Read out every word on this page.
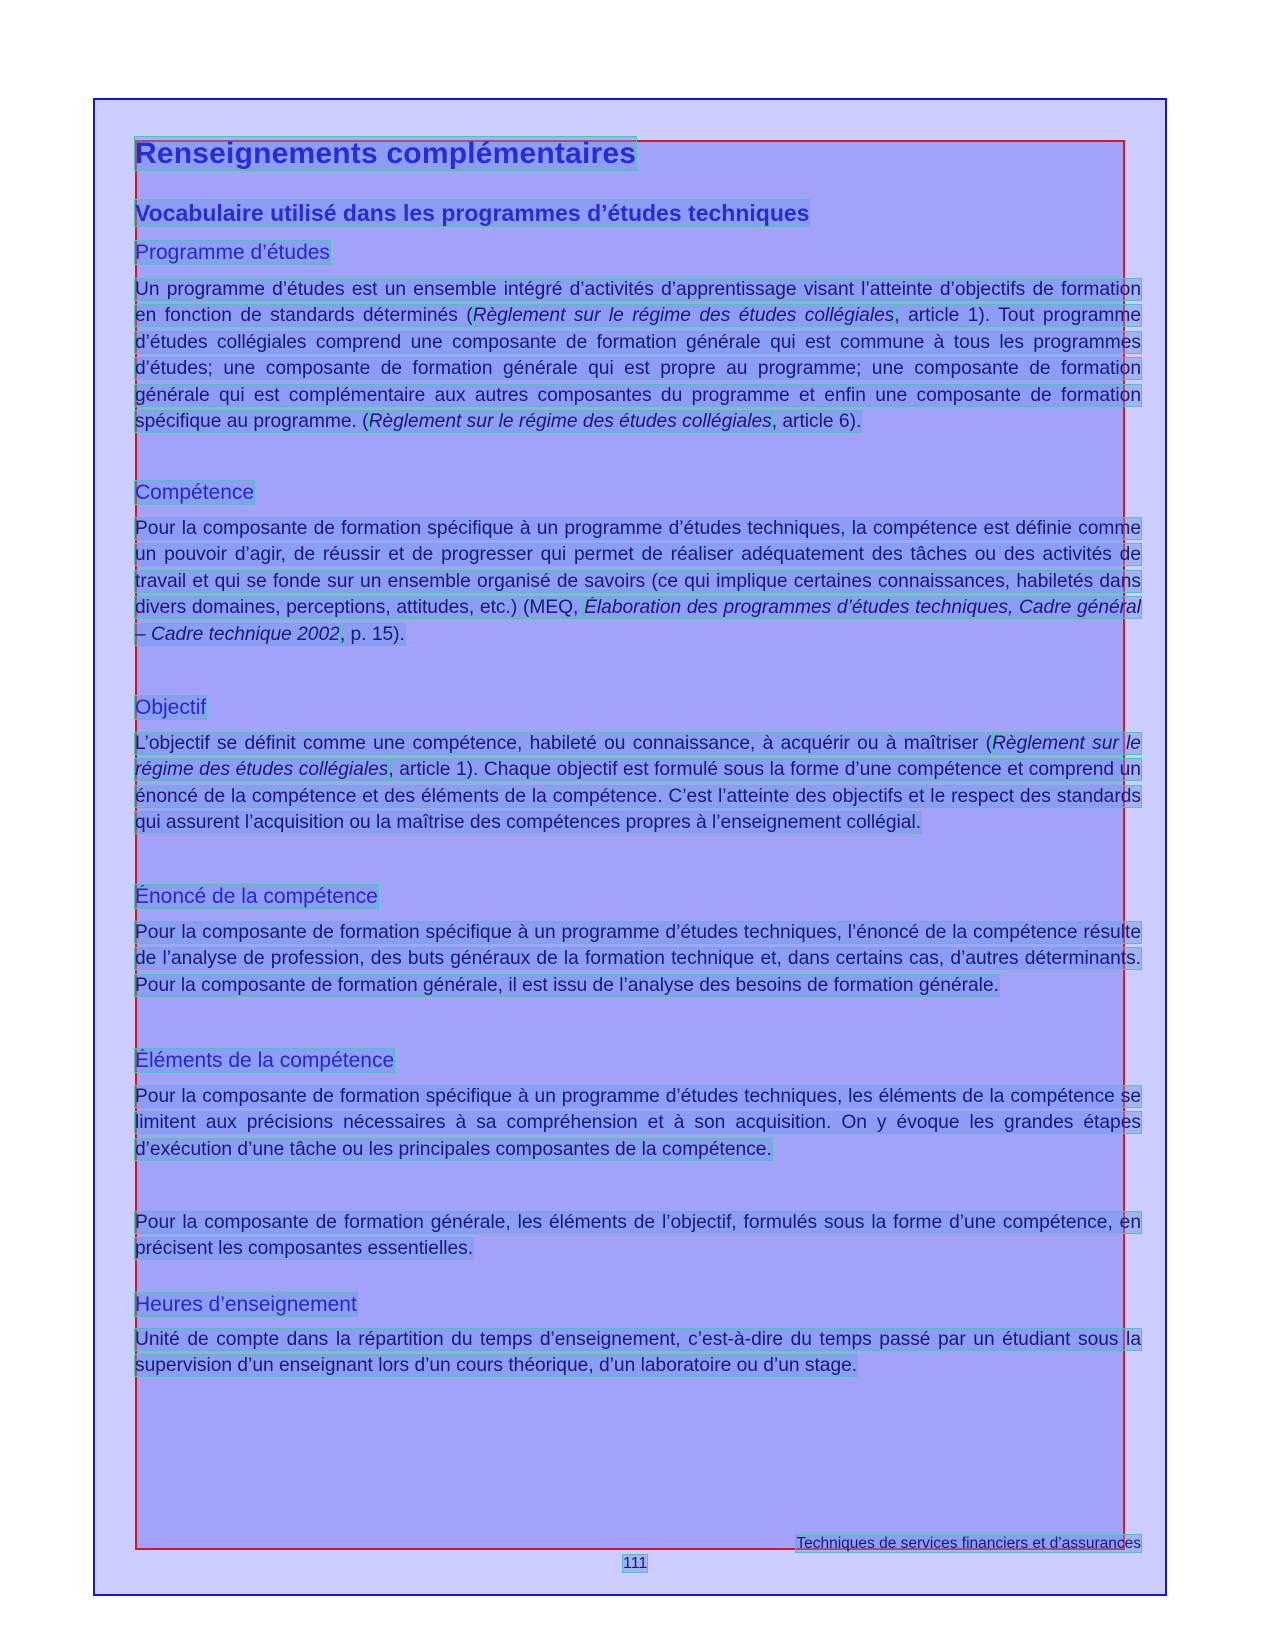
Renseignements complémentaires
Vocabulaire utilisé dans les programmes d’études techniques
Programme d’études

Un programme d’études est un ensemble intégré d’activités d’apprentissage visant l’atteinte d’objectifs de formation en fonction de standards déterminés (Règlement sur le régime des études collégiales, article 1). Tout programme d’études collégiales comprend une composante de formation générale qui est commune à tous les programmes d’études; une composante de formation générale qui est propre au programme; une composante de formation générale qui est complémentaire aux autres composantes du programme et enfin une composante de formation spécifique au programme. (Règlement sur le régime des études collégiales, article 6).

Compétence

Pour la composante de formation spécifique à un programme d’études techniques, la compétence est définie comme un pouvoir d’agir, de réussir et de progresser qui permet de réaliser adéquatement des tâches ou des activités de travail et qui se fonde sur un ensemble organisé de savoirs (ce qui implique certaines connaissances, habiletés dans divers domaines, perceptions, attitudes, etc.) (MEQ, Élaboration des programmes d’études techniques, Cadre général – Cadre technique 2002, p. 15).

Objectif

L’objectif se définit comme une compétence, habileté ou connaissance, à acquérir ou à maîtriser (Règlement sur le régime des études collégiales, article 1). Chaque objectif est formulé sous la forme d’une compétence et comprend un énoncé de la compétence et des éléments de la compétence. C’est l’atteinte des objectifs et le respect des standards qui assurent l’acquisition ou la maîtrise des compétences propres à l’enseignement collégial.

Énoncé de la compétence

Pour la composante de formation spécifique à un programme d’études techniques, l’énoncé de la compétence résulte de l’analyse de profession, des buts généraux de la formation technique et, dans certains cas, d’autres déterminants. Pour la composante de formation générale, il est issu de l’analyse des besoins de formation générale.

Éléments de la compétence

Pour la composante de formation spécifique à un programme d’études techniques, les éléments de la compétence se limitent aux précisions nécessaires à sa compréhension et à son acquisition. On y évoque les grandes étapes d’exécution d’une tâche ou les principales composantes de la compétence.

Pour la composante de formation générale, les éléments de l’objectif, formulés sous la forme d’une compétence, en précisent les composantes essentielles.

Heures d’enseignement

Unité de compte dans la répartition du temps d’enseignement, c’est-à-dire du temps passé par un étudiant sous la supervision d’un enseignant lors d’un cours théorique, d’un laboratoire ou d’un stage.

Techniques de services financiers et d’assurances
111
